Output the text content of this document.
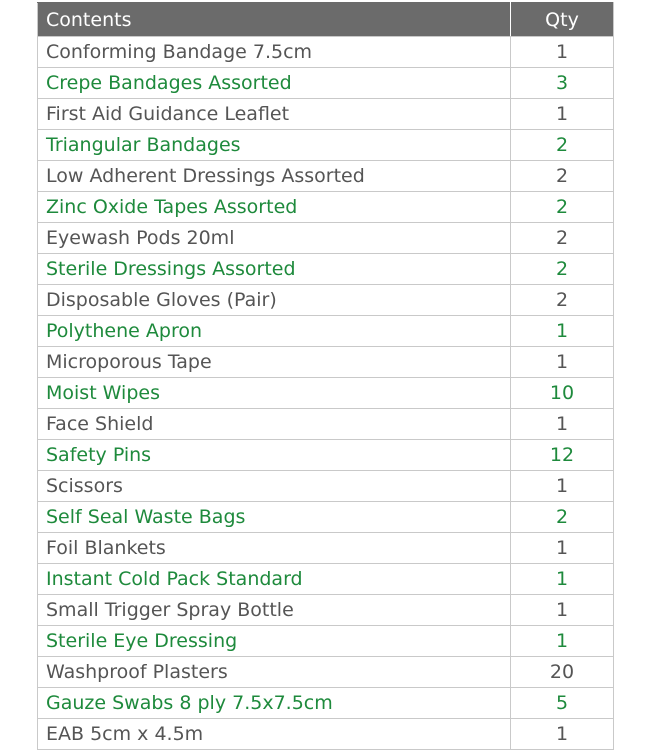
Contents	Qty
Conforming Bandage 7.5cm	1
Crepe Bandages Assorted	3
First Aid Guidance Leaflet	1
Triangular Bandages	2
Low Adherent Dressings Assorted	2
Zinc Oxide Tapes Assorted	2
Eyewash Pods 20ml	2
Sterile Dressings Assorted	2
Disposable Gloves (Pair)	2
Polythene Apron	1
Microporous Tape	1
Moist Wipes	10
Face Shield	1
Safety Pins	12
Scissors	1
Self Seal Waste Bags	2
Foil Blankets	1
Instant Cold Pack Standard	1
Small Trigger Spray Bottle	1
Sterile Eye Dressing	1
Washproof Plasters	20
Gauze Swabs 8 ply 7.5x7.5cm	5
EAB 5cm x 4.5m	1
